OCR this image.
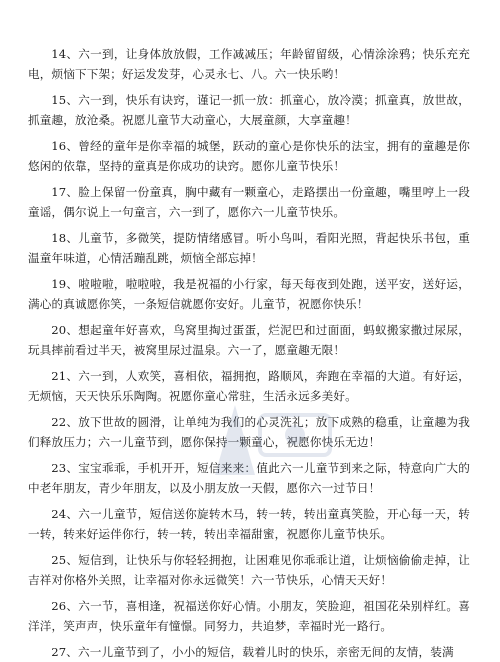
14、六一到，让身体放放假，工作减减压；年龄留留级，心情涂涂鸦；快乐充充电，烦恼下下架；好运发发芽，心灵永七、八。六一快乐哟！

15、六一到，快乐有诀窍，谨记一抓一放：抓童心，放冷漠；抓童真，放世故，抓童趣，放沧桑。祝愿儿童节大动童心，大展童颜，大享童趣！

16、曾经的童年是你幸福的城堡，跃动的童心是你快乐的法宝，拥有的童趣是你悠闲的依靠，坚持的童真是你成功的诀窍。愿你儿童节快乐！

17、脸上保留一份童真，胸中藏有一颗童心，走路摆出一份童趣，嘴里哼上一段童谣，偶尔说上一句童言，六一到了，愿你六一儿童节快乐。

18、儿童节，多微笑，提防情绪感冒。听小鸟叫，看阳光照，背起快乐书包，重温童年味道，心情活蹦乱跳，烦恼全部忘掉！

19、啦啦啦，啦啦啦，我是祝福的小行家，每天每夜到处跑，送平安，送好运，满心的真诚愿你笑，一条短信就愿你安好。儿童节，祝愿你快乐！

20、想起童年好喜欢，鸟窝里掏过蛋蛋，烂泥巴和过面面，蚂蚁搬家撒过尿尿，玩具摔前看过半天，被窝里尿过温泉。六一了，愿童趣无限！

21、六一到，人欢笑，喜相依，福拥抱，路顺风，奔跑在幸福的大道。有好运，无烦恼，天天快乐乐陶陶。祝愿你童心常驻，生活永远多美好。

22、放下世故的圆滑，让单纯为我们的心灵洗礼；放下成熟的稳重，让童趣为我们释放压力；六一儿童节到，愿你保持一颗童心，祝愿你快乐无边！

23、宝宝乖乖，手机开开，短信来来：值此六一儿童节到来之际，特意向广大的中老年朋友，青少年朋友，以及小朋友放一天假，愿你六一过节日！

24、六一儿童节，短信送你旋转木马，转一转，转出童真笑脸，开心每一天，转一转，转来好运伴你行，转一转，转出幸福甜蜜，祝愿你儿童节快乐。

25、短信到，让快乐与你轻轻拥抱，让困难见你乖乖让道，让烦恼偷偷走掉，让吉祥对你格外关照，让幸福对你永远微笑！六一节快乐，心情天天好！

26、六一节，喜相逢，祝福送你好心情。小朋友，笑脸迎，祖国花朵别样红。喜洋洋，笑声声，快乐童年有憧憬。同努力，共追梦，幸福时光一路行。

27、六一儿童节到了，小小的短信，载着儿时的快乐，亲密无间的友情，装满
